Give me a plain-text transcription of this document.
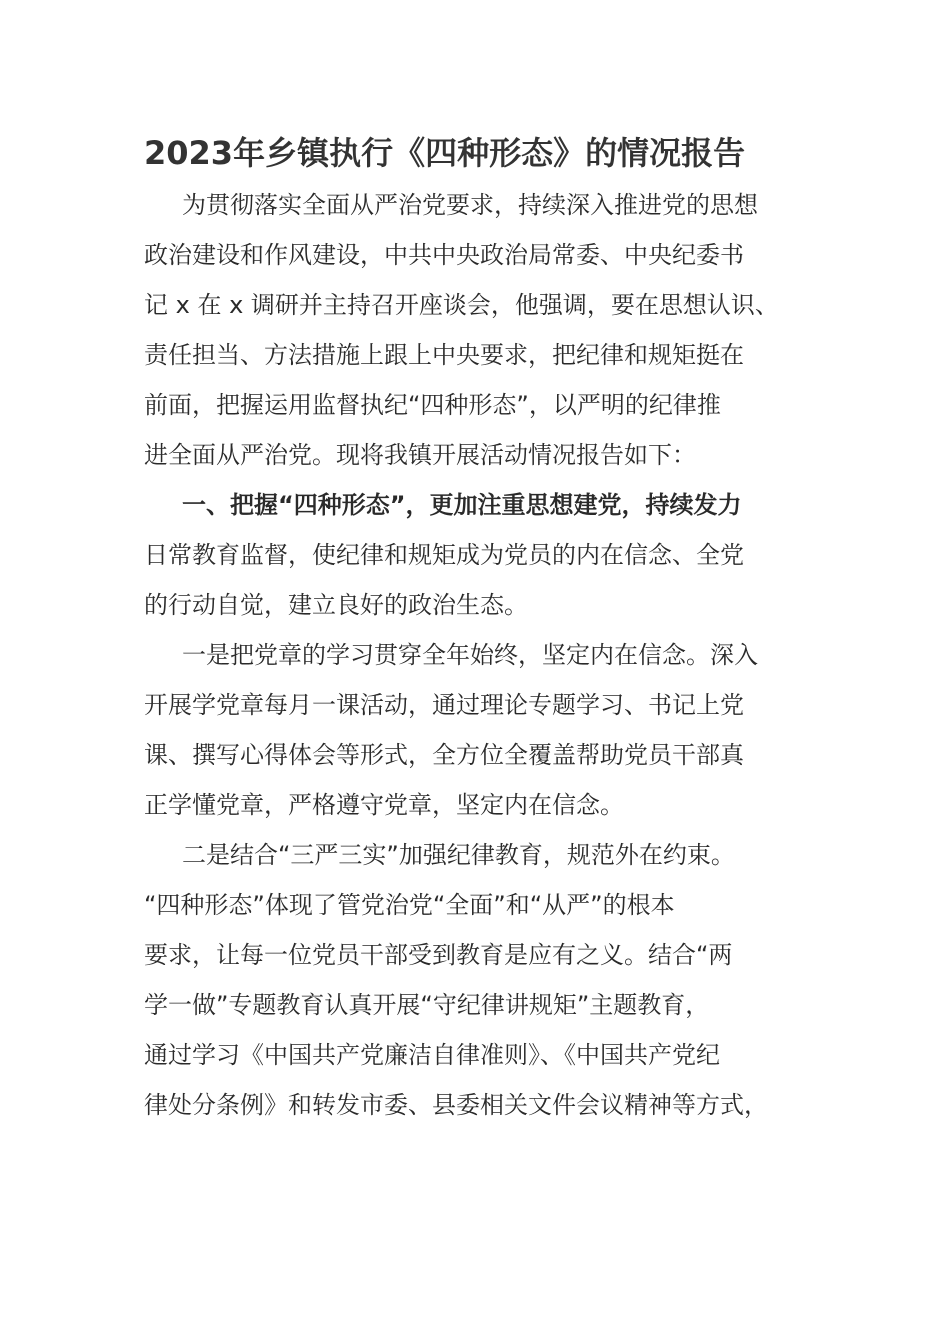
2023年乡镇执行《四种形态》的情况报告
为贯彻落实全面从严治党要求，持续深入推进党的思想
政治建设和作风建设，中共中央政治局常委、中央纪委书
记 x 在 x 调研并主持召开座谈会，他强调，要在思想认识、
责任担当、方法措施上跟上中央要求，把纪律和规矩挺在
前面，把握运用监督执纪“四种形态”，以严明的纪律推
进全面从严治党。现将我镇开展活动情况报告如下：
一、把握“四种形态”，更加注重思想建党，持续发力
日常教育监督，使纪律和规矩成为党员的内在信念、全党
的行动自觉，建立良好的政治生态。
一是把党章的学习贯穿全年始终，坚定内在信念。深入
开展学党章每月一课活动，通过理论专题学习、书记上党
课、撰写心得体会等形式，全方位全覆盖帮助党员干部真
正学懂党章，严格遵守党章，坚定内在信念。
二是结合“三严三实”加强纪律教育，规范外在约束。
“四种形态”体现了管党治党“全面”和“从严”的根本
要求，让每一位党员干部受到教育是应有之义。结合“两
学一做”专题教育认真开展“守纪律讲规矩”主题教育，
通过学习《中国共产党廉洁自律准则》、《中国共产党纪
律处分条例》和转发市委、县委相关文件会议精神等方式，
